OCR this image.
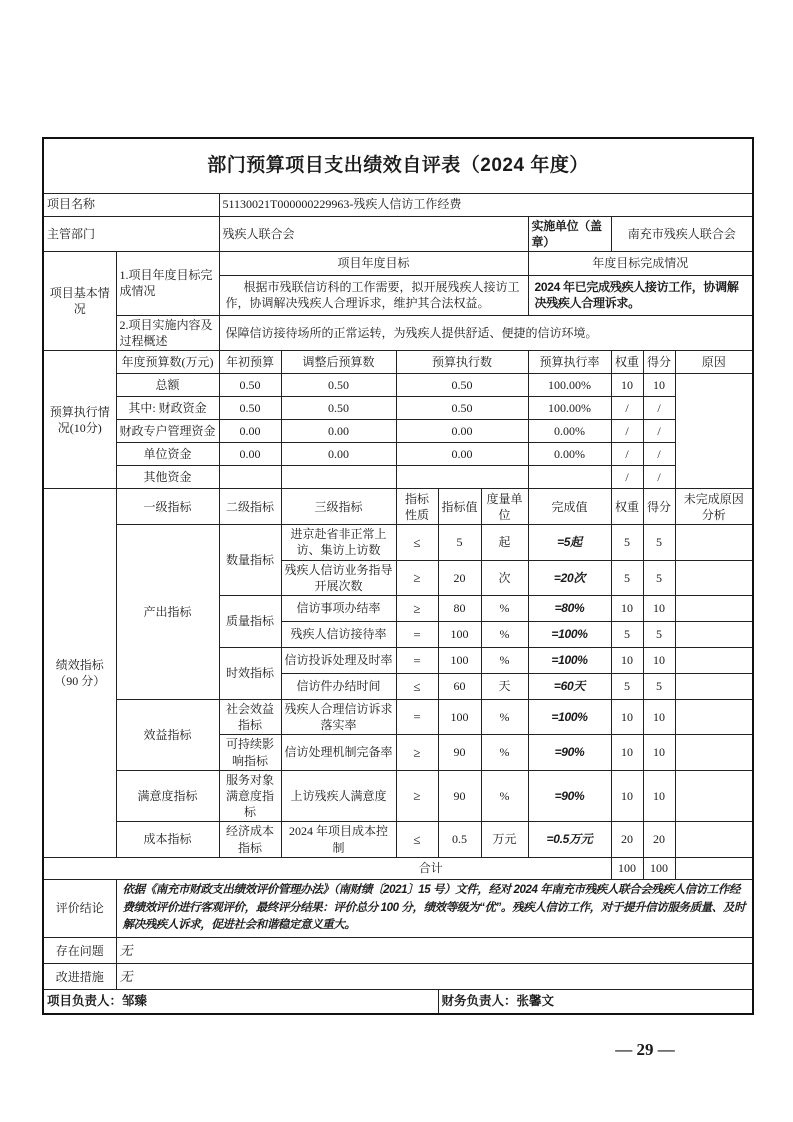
部门预算项目支出绩效自评表（2024 年度）										
项目名称		51130021T000000229963-残疾人信访工作经费								
主管部门		残疾人联合会					实施单位（盖章）	南充市残疾人联合会		
项目基本情况	1.项目年度目标完成情况	项目年度目标					年度目标完成情况			
		根据市残联信访科的工作需要，拟开展残疾人接访工作，协调解决残疾人合理诉求，维护其合法权益。					2024 年已完成残疾人接访工作，协调解决残疾人合理诉求。			
	2.项目实施内容及过程概述	保障信访接待场所的正常运转，为残疾人提供舒适、便捷的信访环境。								
预算执行情况(10分)	年度预算数(万元)	年初预算	调整后预算数	预算执行数			预算执行率	权重	得分	原因
	总额	0.50	0.50	0.50			100.00%	10	10	
	其中: 财政资金	0.50	0.50	0.50			100.00%	/	/	
	财政专户管理资金	0.00	0.00	0.00			0.00%	/	/	
	单位资金	0.00	0.00	0.00			0.00%	/	/	
	其他资金							/	/	
绩效指标（90 分）	一级指标	二级指标	三级指标	指标性质	指标值	度量单位	完成值	权重	得分	未完成原因分析
	产出指标	数量指标	进京赴省非正常上访、集访上访数	≤	5	起	=5起	5	5	
			残疾人信访业务指导开展次数	≥	20	次	=20次	5	5	
		质量指标	信访事项办结率	≥	80	%	=80%	10	10	
			残疾人信访接待率	=	100	%	=100%	5	5	
		时效指标	信访投诉处理及时率	=	100	%	=100%	10	10	
			信访件办结时间	≤	60	天	=60天	5	5	
	效益指标	社会效益指标	残疾人合理信访诉求落实率	=	100	%	=100%	10	10	
		可持续影响指标	信访处理机制完备率	≥	90	%	=90%	10	10	
	满意度指标	服务对象满意度指标	上访残疾人满意度	≥	90	%	=90%	10	10	
	成本指标	经济成本指标	2024 年项目成本控制	≤	0.5	万元	=0.5万元	20	20	
合计								100	100	
评价结论	依据《南充市财政支出绩效评价管理办法》（南财绩〔2021〕15 号）文件，经对 2024 年南充市残疾人联合会残疾人信访工作经费绩效评价进行客观评价，最终评分结果：评价总分 100 分，绩效等级为“优”。残疾人信访工作，对于提升信访服务质量、及时解决残疾人诉求，促进社会和谐稳定意义重大。									
存在问题	无									
改进措施	无									
项目负责人：邹臻					财务负责人：张馨文					
— 29 —
